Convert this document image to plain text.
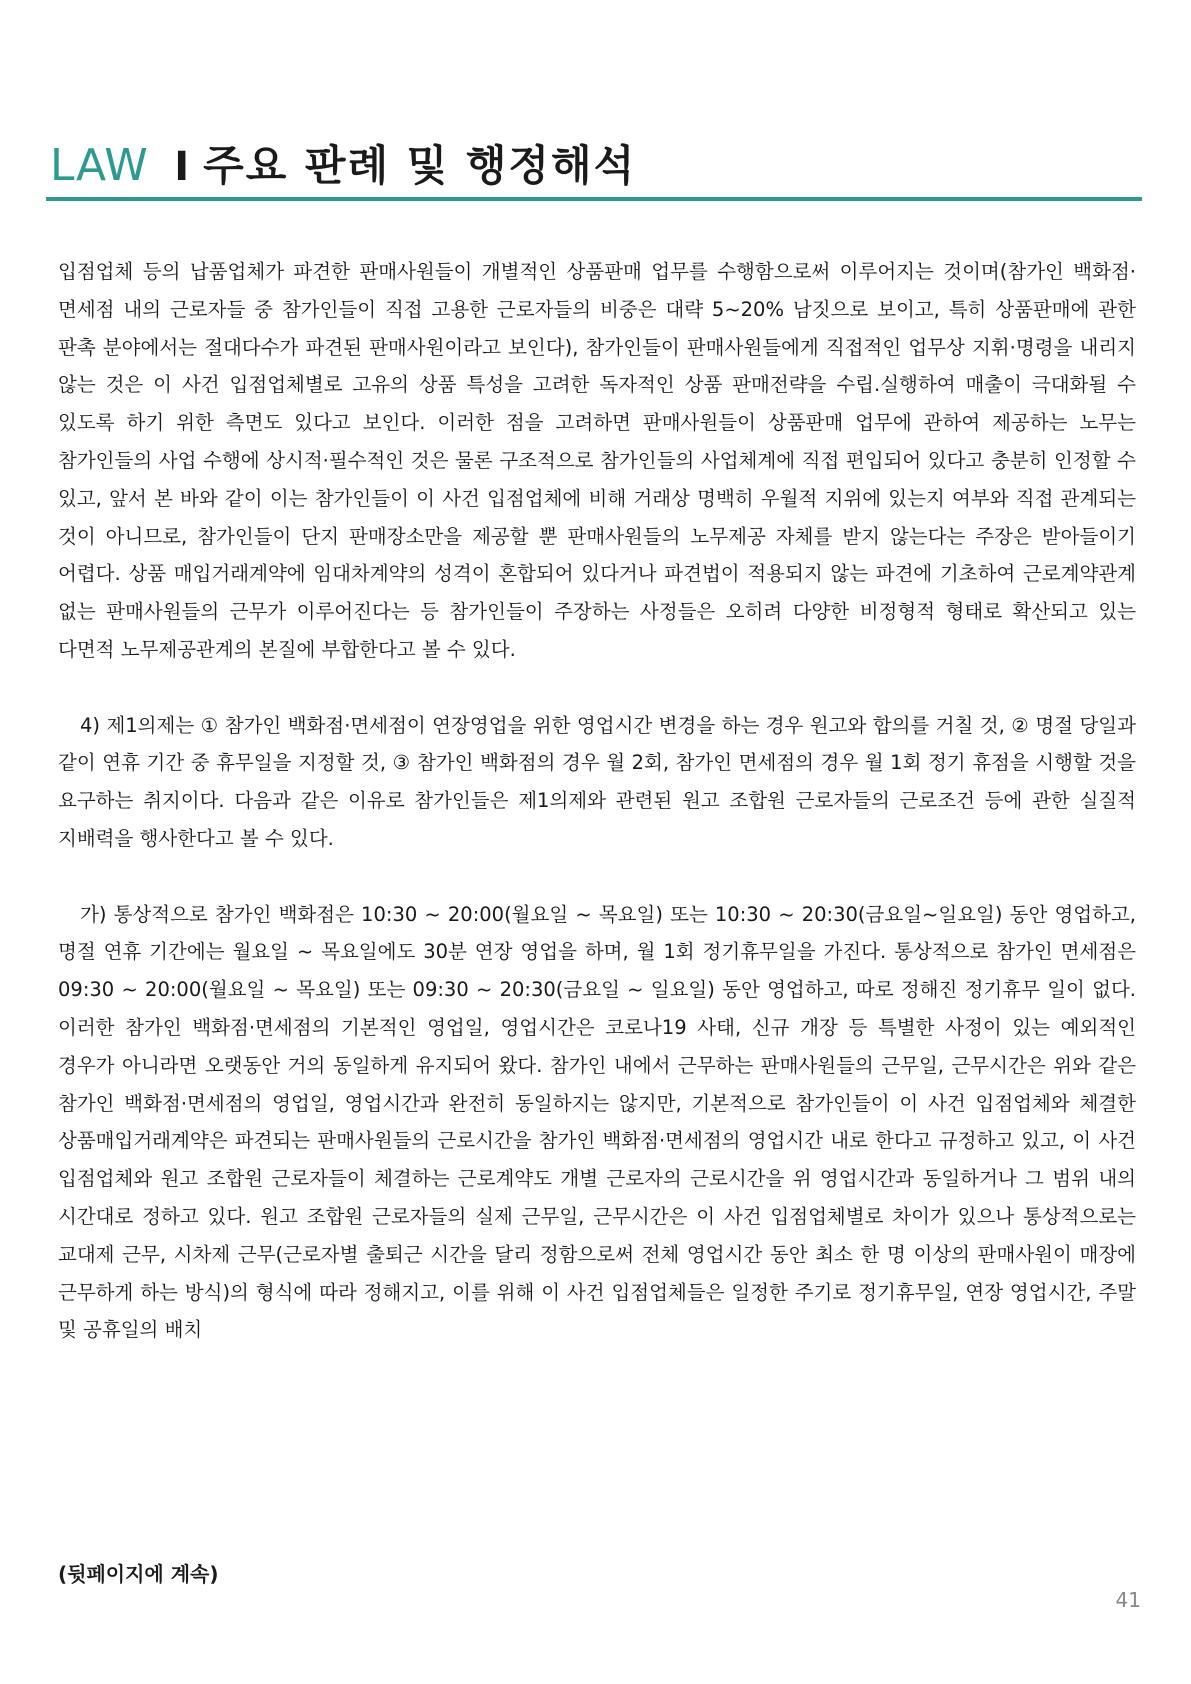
LAW I 주요 판례 및 행정해석

입점업체 등의 납품업체가 파견한 판매사원들이 개별적인 상품판매 업무를 수행함으로써 이루어지는 것이며(참가인 백화점·면세점 내의 근로자들 중 참가인들이 직접 고용한 근로자들의 비중은 대략 5~20% 남짓으로 보이고, 특히 상품판매에 관한 판촉 분야에서는 절대다수가 파견된 판매사원이라고 보인다), 참가인들이 판매사원들에게 직접적인 업무상 지휘·명령을 내리지 않는 것은 이 사건 입점업체별로 고유의 상품 특성을 고려한 독자적인 상품 판매전략을 수립.실행하여 매출이 극대화될 수 있도록 하기 위한 측면도 있다고 보인다. 이러한 점을 고려하면 판매사원들이 상품판매 업무에 관하여 제공하는 노무는 참가인들의 사업 수행에 상시적·필수적인 것은 물론 구조적으로 참가인들의 사업체계에 직접 편입되어 있다고 충분히 인정할 수 있고, 앞서 본 바와 같이 이는 참가인들이 이 사건 입점업체에 비해 거래상 명백히 우월적 지위에 있는지 여부와 직접 관계되는 것이 아니므로, 참가인들이 단지 판매장소만을 제공할 뿐 판매사원들의 노무제공 자체를 받지 않는다는 주장은 받아들이기 어렵다. 상품 매입거래계약에 임대차계약의 성격이 혼합되어 있다거나 파견법이 적용되지 않는 파견에 기초하여 근로계약관계 없는 판매사원들의 근무가 이루어진다는 등 참가인들이 주장하는 사정들은 오히려 다양한 비정형적 형태로 확산되고 있는 다면적 노무제공관계의 본질에 부합한다고 볼 수 있다.

4) 제1의제는 ① 참가인 백화점·면세점이 연장영업을 위한 영업시간 변경을 하는 경우 원고와 합의를 거칠 것, ② 명절 당일과 같이 연휴 기간 중 휴무일을 지정할 것, ③ 참가인 백화점의 경우 월 2회, 참가인 면세점의 경우 월 1회 정기 휴점을 시행할 것을 요구하는 취지이다. 다음과 같은 이유로 참가인들은 제1의제와 관련된 원고 조합원 근로자들의 근로조건 등에 관한 실질적 지배력을 행사한다고 볼 수 있다.

가) 통상적으로 참가인 백화점은 10:30 ~ 20:00(월요일 ~ 목요일) 또는 10:30 ~ 20:30(금요일~일요일) 동안 영업하고, 명절 연휴 기간에는 월요일 ~ 목요일에도 30분 연장 영업을 하며, 월 1회 정기휴무일을 가진다. 통상적으로 참가인 면세점은 09:30 ~ 20:00(월요일 ~ 목요일) 또는 09:30 ~ 20:30(금요일 ~ 일요일) 동안 영업하고, 따로 정해진 정기휴무 일이 없다. 이러한 참가인 백화점·면세점의 기본적인 영업일, 영업시간은 코로나19 사태, 신규 개장 등 특별한 사정이 있는 예외적인 경우가 아니라면 오랫동안 거의 동일하게 유지되어 왔다. 참가인 내에서 근무하는 판매사원들의 근무일, 근무시간은 위와 같은 참가인 백화점·면세점의 영업일, 영업시간과 완전히 동일하지는 않지만, 기본적으로 참가인들이 이 사건 입점업체와 체결한 상품매입거래계약은 파견되는 판매사원들의 근로시간을 참가인 백화점·면세점의 영업시간 내로 한다고 규정하고 있고, 이 사건 입점업체와 원고 조합원 근로자들이 체결하는 근로계약도 개별 근로자의 근로시간을 위 영업시간과 동일하거나 그 범위 내의 시간대로 정하고 있다. 원고 조합원 근로자들의 실제 근무일, 근무시간은 이 사건 입점업체별로 차이가 있으나 통상적으로는 교대제 근무, 시차제 근무(근로자별 출퇴근 시간을 달리 정함으로써 전체 영업시간 동안 최소 한 명 이상의 판매사원이 매장에 근무하게 하는 방식)의 형식에 따라 정해지고, 이를 위해 이 사건 입점업체들은 일정한 주기로 정기휴무일, 연장 영업시간, 주말 및 공휴일의 배치

(뒷페이지에 계속)
41
